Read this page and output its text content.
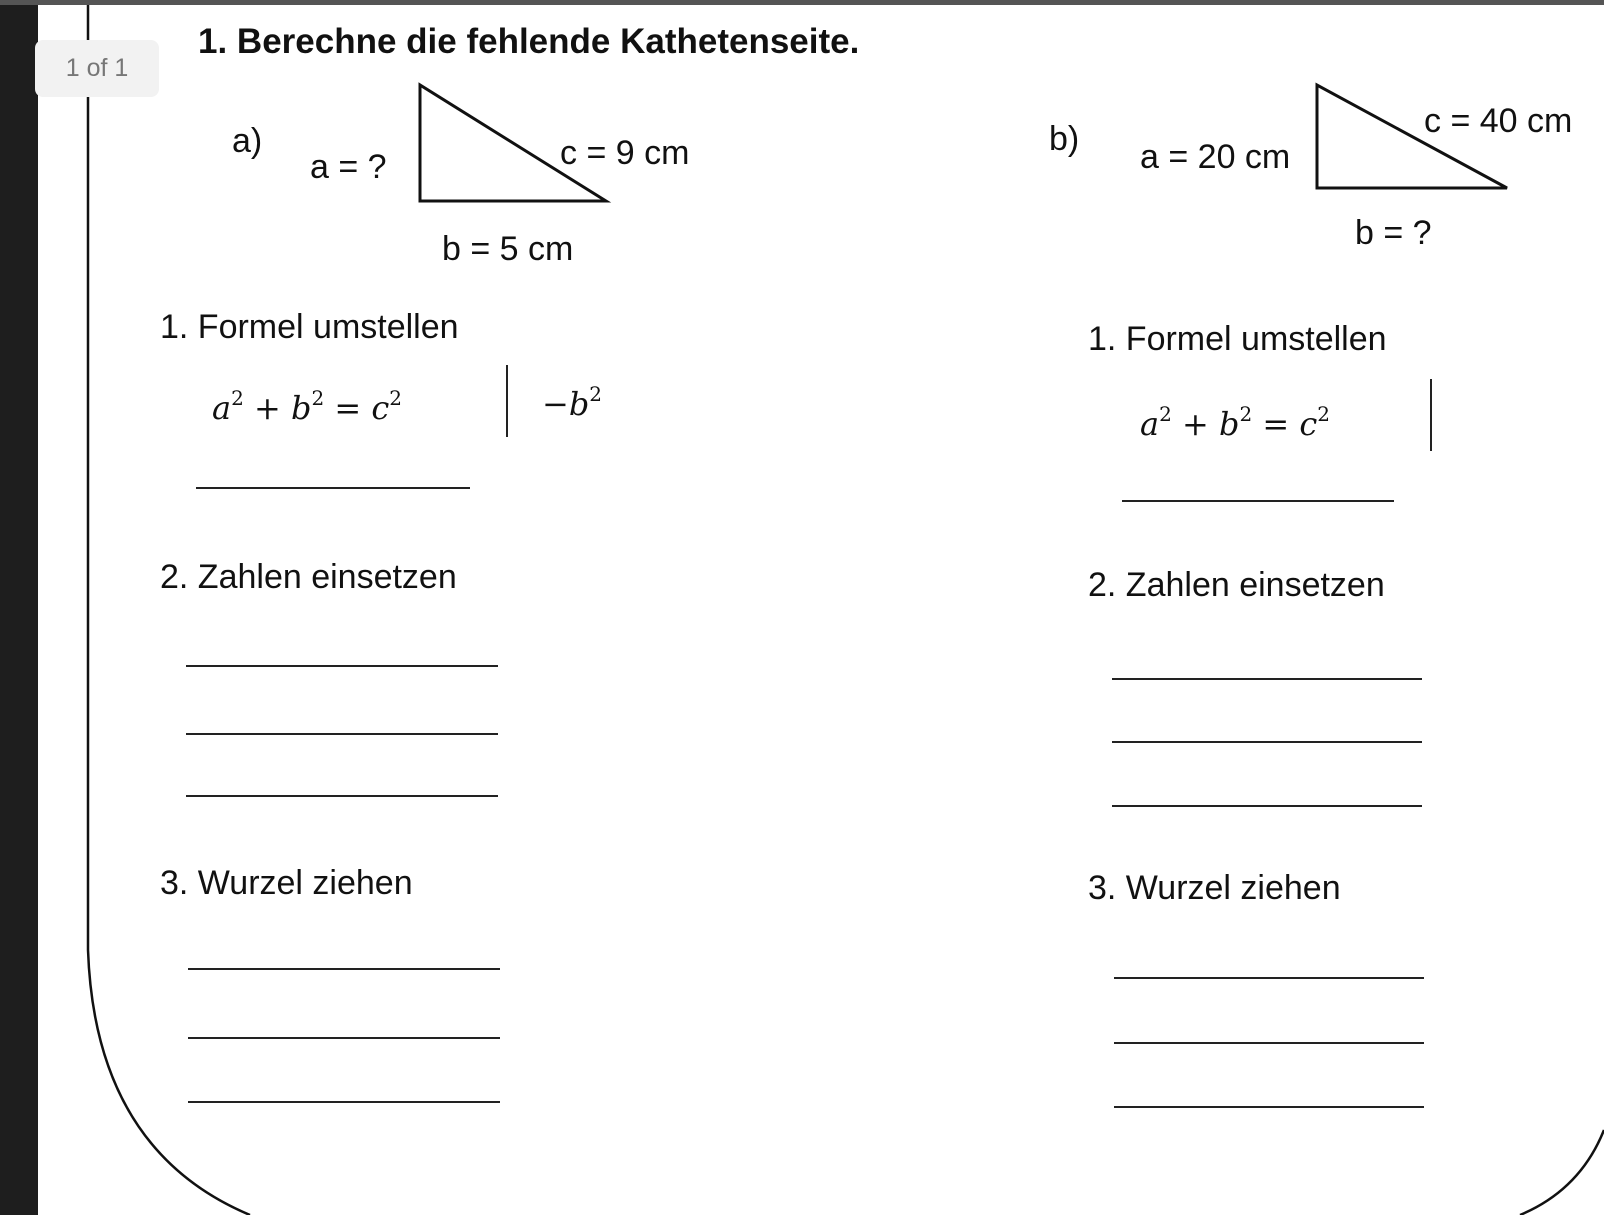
1 of 1
1. Berechne die fehlende Kathetenseite.
a)
a = ?	c = 9 cm
b = 5 cm
1. Formel umstellen
$a^2 + b^2 = c^2$	$-b^2$
2. Zahlen einsetzen
3. Wurzel ziehen
b) a = 20 cm
c = 40 cm
b = ?
1. Formel umstellen
$a^2 + b^2 = c^2$
2. Zahlen einsetzen
3. Wurzel ziehen
